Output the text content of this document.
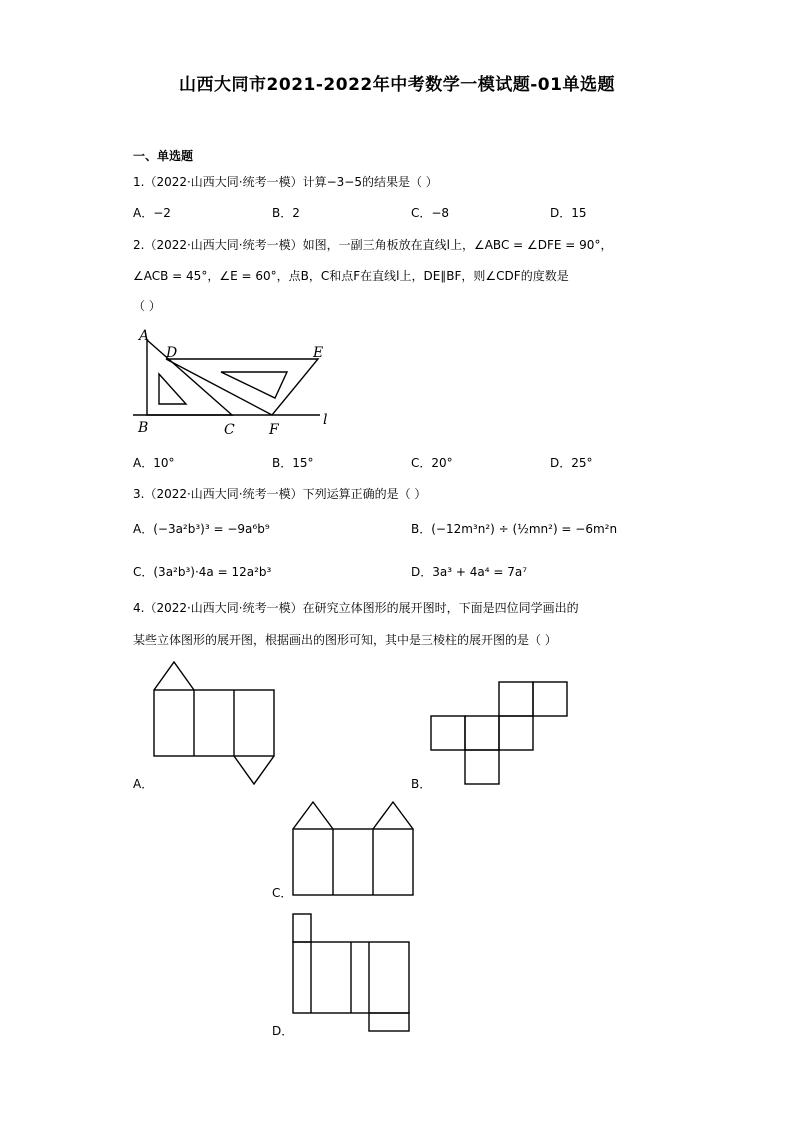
山西大同市2021-2022年中考数学一模试题-01单选题
一、单选题
1.（2022·山西大同·统考一模）计算−3−5的结果是（ ）
A．−2	B．2	C．−8	D．15
2.（2022·山西大同·统考一模）如图，一副三角板放在直线l上，∠ABC = ∠DFE = 90°，
∠ACB = 45°，∠E = 60°，点B，C和点F在直线l上，DE∥BF，则∠CDF的度数是
（ ）
A
D	E
B	C F
l
A．10°	B．15°	C．20°	D．25°
3.（2022·山西大同·统考一模）下列运算正确的是（ ）
A．(−3a²b³)³ = −9a⁶b⁹	B．(−12m³n²) ÷ (½mn²) = −6m²n
C．(3a²b³)·4a = 12a²b³	D．3a³ + 4a⁴ = 7a⁷
4.（2022·山西大同·统考一模）在研究立体图形的展开图时，下面是四位同学画出的
某些立体图形的展开图，根据画出的图形可知，其中是三棱柱的展开图的是（ ）
A．	B．
C．
D．
